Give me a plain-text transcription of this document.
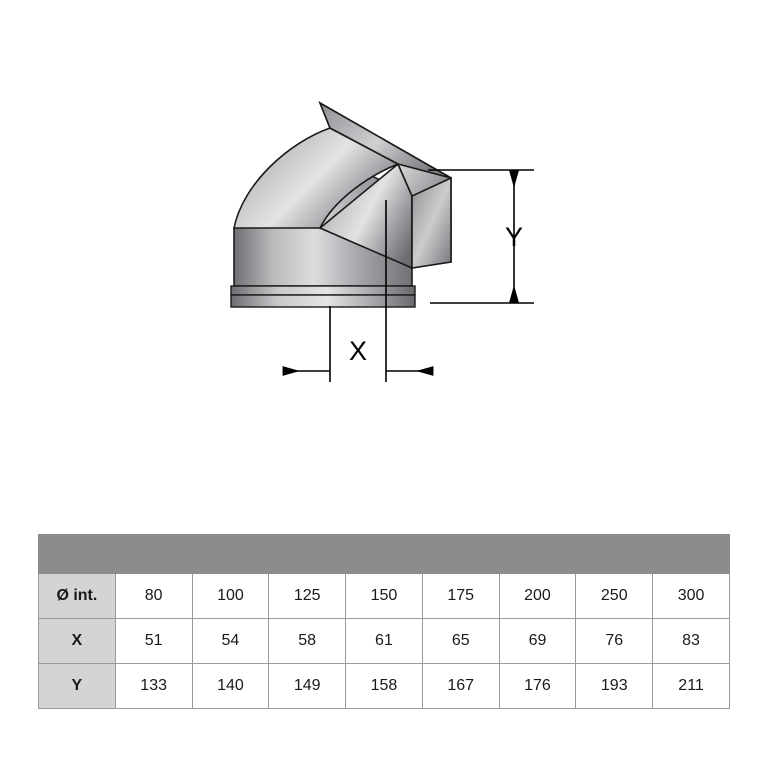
Y
X

Ø int.	80	100	125	150	175	200	250	300
X	51	54	58	61	65	69	76	83
Y	133	140	149	158	167	176	193	211
